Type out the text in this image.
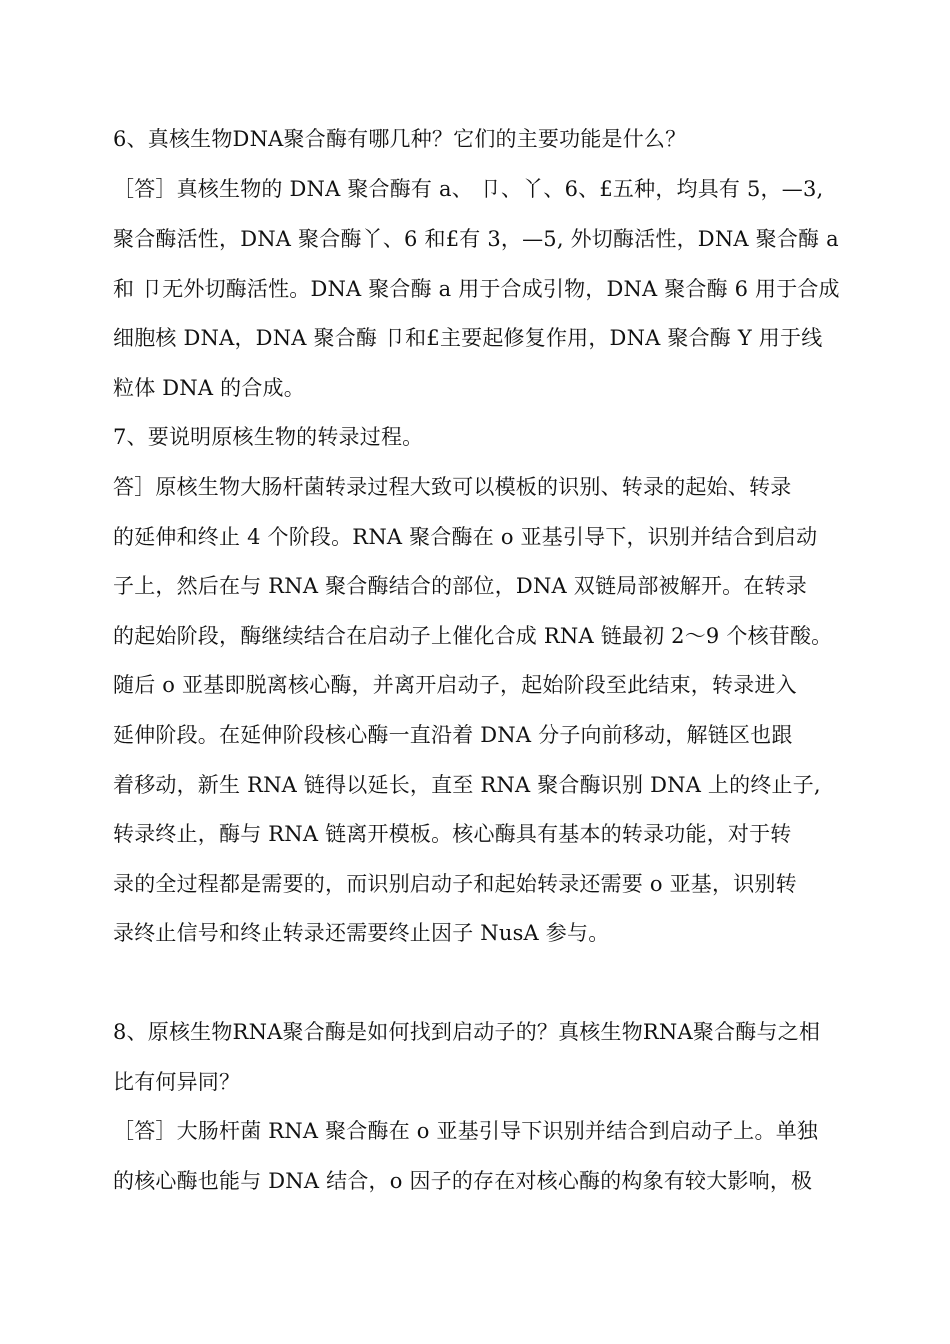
6、真核生物DNA聚合酶有哪几种？它们的主要功能是什么？
［答］真核生物的 DNA 聚合酶有 a、 卩、丫、6、£五种，均具有 5，—3,
聚合酶活性，DNA 聚合酶丫、6 和£有 3，—5, 外切酶活性，DNA 聚合酶 a
和 卩无外切酶活性。DNA 聚合酶 a 用于合成引物，DNA 聚合酶 6 用于合成
细胞核 DNA，DNA 聚合酶 卩和£主要起修复作用，DNA 聚合酶 Y 用于线
粒体 DNA 的合成。
7、要说明原核生物的转录过程。
答］原核生物大肠杆菌转录过程大致可以模板的识别、转录的起始、转录
的延伸和终止 4 个阶段。RNA 聚合酶在 o 亚基引导下，识别并结合到启动
子上，然后在与 RNA 聚合酶结合的部位，DNA 双链局部被解开。在转录
的起始阶段，酶继续结合在启动子上催化合成 RNA 链最初 2〜9 个核苷酸。
随后 o 亚基即脱离核心酶，并离开启动子，起始阶段至此结束，转录进入
延伸阶段。在延伸阶段核心酶一直沿着 DNA 分子向前移动，解链区也跟
着移动，新生 RNA 链得以延长，直至 RNA 聚合酶识别 DNA 上的终止子,
转录终止，酶与 RNA 链离开模板。核心酶具有基本的转录功能，对于转
录的全过程都是需要的，而识别启动子和起始转录还需要 o 亚基，识别转
录终止信号和终止转录还需要终止因子 NusA 参与。
8、原核生物RNA聚合酶是如何找到启动子的？真核生物RNA聚合酶与之相
比有何异同？
［答］大肠杆菌 RNA 聚合酶在 o 亚基引导下识别并结合到启动子上。单独
的核心酶也能与 DNA 结合，o 因子的存在对核心酶的构象有较大影响，极
